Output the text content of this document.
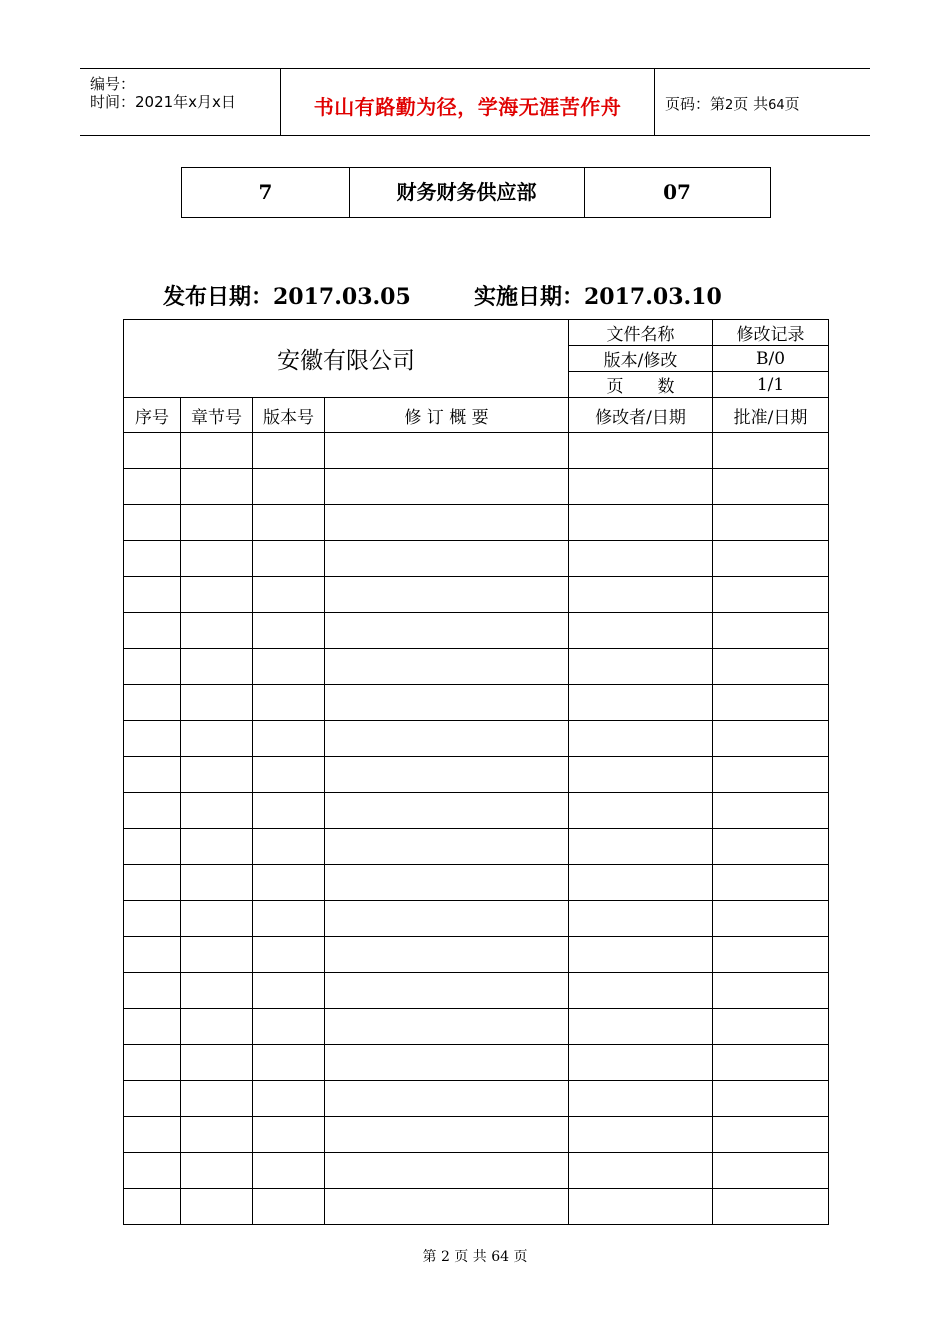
编号：
时间：2021年x月x日	书山有路勤为径，学海无涯苦作舟	页码：第2页 共64页
7	财务财务供应部	07
发布日期：2017.03.05	实施日期：2017.03.10
安徽有限公司				文件名称	修改记录
				版本/修改	B/0
				页　　数	1/1
序号	章节号	版本号	修 订 概 要	修改者/日期	批准/日期

第 2 页 共 64 页
